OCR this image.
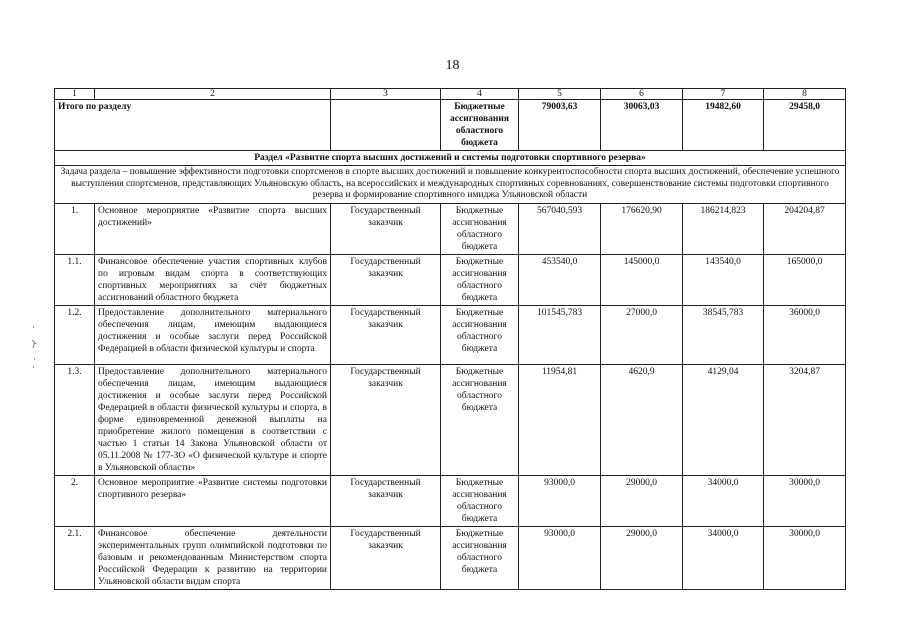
18
1	2	3	4	5	6	7	8
Итого по разделу			Бюджетные ассигнования областного бюджета	79003,63	30063,03	19482,60	29458,0
Раздел «Развитие спорта высших достижений и системы подготовки спортивного резерва»							
Задача раздела – повышение эффективности подготовки спортсменов в спорте высших достижений и повышение конкурентоспособности спорта высших достижений, обеспечение успешного выступления спортсменов, представляющих Ульяновскую область, на всероссийских и международных спортивных соревнованиях, совершенствование системы подготовки спортивного резерва и формирование спортивного имиджа Ульяновской области							
1.	Основное мероприятие «Развитие спорта высших достижений»	Государственный заказчик	Бюджетные ассигнования областного бюджета	567040,593	176620,90	186214,823	204204,87
1.1.	Финансовое обеспечение участия спортивных клубов по игровым видам спорта в соответствующих спортивных мероприятиях за счёт бюджетных ассигнований областного бюджета	Государственный заказчик	Бюджетные ассигнования областного бюджета	453540,0	145000,0	143540,0	165000,0
1.2.	Предоставление дополнительного материального обеспечения лицам, имеющим выдающиеся достижения и особые заслуги перед Российской Федерацией в области физической культуры и спорта	Государственный заказчик	Бюджетные ассигнования областного бюджета	101545,783	27000,0	38545,783	36000,0
1.3.	Предоставление дополнительного материального обеспечения лицам, имеющим выдающиеся достижения и особые заслуги перед Российской Федерацией в области физической культуры и спорта, в форме единовременной денежной выплаты на приобретение жилого помещения в соответствии с частью 1 статьи 14 Закона Ульяновской области от 05.11.2008 № 177-ЗО «О физической культуре и спорте в Ульяновской области»	Государственный заказчик	Бюджетные ассигнования областного бюджета	11954,81	4620,9	4129,04	3204,87
2.	Основное мероприятие «Развитие системы подготовки спортивного резерва»	Государственный заказчик	Бюджетные ассигнования областного бюджета	93000,0	29000,0	34000,0	30000,0
2.1.	Финансовое обеспечение деятельности экспериментальных групп олимпийской подготовки по базовым и рекомендованным Министерством спорта Российской Федерации к развитию на территории Ульяновской области видам спорта	Государственный заказчик	Бюджетные ассигнования областного бюджета	93000,0	29000,0	34000,0	30000,0
